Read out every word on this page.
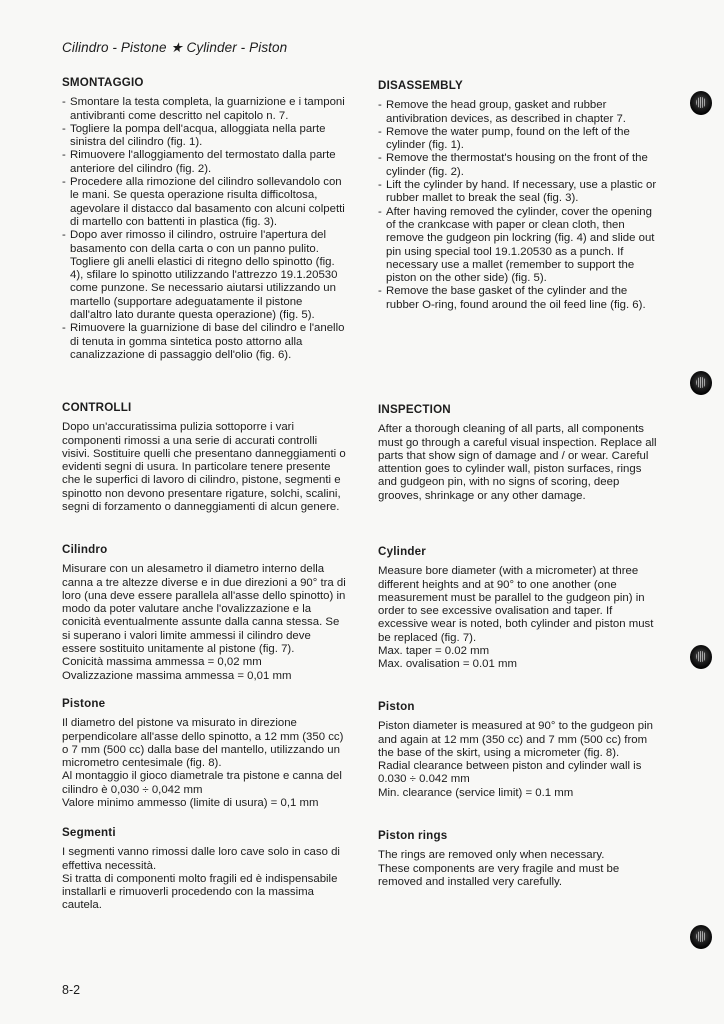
Cilindro - Pistone ★ Cylinder - Piston
SMONTAGGIO
- Smontare la testa completa, la guarnizione e i tamponi antivibranti come descritto nel capitolo n. 7.
- Togliere la pompa dell'acqua, alloggiata nella parte sinistra del cilindro (fig. 1).
- Rimuovere l'alloggiamento del termostato dalla parte anteriore del cilindro (fig. 2).
- Procedere alla rimozione del cilindro sollevandolo con le mani. Se questa operazione risulta difficoltosa, agevolare il distacco dal basamento con alcuni colpetti di martello con battenti in plastica (fig. 3).
- Dopo aver rimosso il cilindro, ostruire l'apertura del basamento con della carta o con un panno pulito. Togliere gli anelli elastici di ritegno dello spinotto (fig. 4), sfilare lo spinotto utilizzando l'attrezzo 19.1.20530 come punzone. Se necessario aiutarsi utilizzando un martello (supportare adeguatamente il pistone dall'altro lato durante questa operazione) (fig. 5).
- Rimuovere la guarnizione di base del cilindro e l'anello di tenuta in gomma sintetica posto attorno alla canalizzazione di passaggio dell'olio (fig. 6).
CONTROLLI

Dopo un'accuratissima pulizia sottoporre i vari componenti rimossi a una serie di accurati controlli visivi. Sostituire quelli che presentano danneggiamenti o evidenti segni di usura. In particolare tenere presente che le superfici di lavoro di cilindro, pistone, segmenti e spinotto non devono presentare rigature, solchi, scalini, segni di forzamento o danneggiamenti di alcun genere.

Cilindro

Misurare con un alesametro il diametro interno della canna a tre altezze diverse e in due direzioni a 90° tra di loro (una deve essere parallela all'asse dello spinotto) in modo da poter valutare anche l'ovalizzazione e la conicità eventualmente assunte dalla canna stessa. Se si superano i valori limite ammessi il cilindro deve essere sostituito unitamente al pistone (fig. 7).

Conicità massima ammessa = 0,02 mm

Ovalizzazione massima ammessa = 0,01 mm

Pistone

Il diametro del pistone va misurato in direzione perpendicolare all'asse dello spinotto, a 12 mm (350 cc) o 7 mm (500 cc) dalla base del mantello, utilizzando un micrometro centesimale (fig. 8).

Al montaggio il gioco diametrale tra pistone e canna del cilindro è 0,030 ÷ 0,042 mm

Valore minimo ammesso (limite di usura) = 0,1 mm

Segmenti

I segmenti vanno rimossi dalle loro cave solo in caso di effettiva necessità.

Si tratta di componenti molto fragili ed è indispensabile installarli e rimuoverli procedendo con la massima cautela.

DISASSEMBLY
- Remove the head group, gasket and rubber antivibration devices, as described in chapter 7.
- Remove the water pump, found on the left of the cylinder (fig. 1).
- Remove the thermostat's housing on the front of the cylinder (fig. 2).
- Lift the cylinder by hand. If necessary, use a plastic or rubber mallet to break the seal (fig. 3).
- After having removed the cylinder, cover the opening of the crankcase with paper or clean cloth, then remove the gudgeon pin lockring (fig. 4) and slide out pin using special tool 19.1.20530 as a punch. If necessary use a mallet (remember to support the piston on the other side) (fig. 5).
- Remove the base gasket of the cylinder and the rubber O-ring, found around the oil feed line (fig. 6).
INSPECTION

After a thorough cleaning of all parts, all components must go through a careful visual inspection. Replace all parts that show sign of damage and / or wear. Careful attention goes to cylinder wall, piston surfaces, rings and gudgeon pin, with no signs of scoring, deep grooves, shrinkage or any other damage.

Cylinder

Measure bore diameter (with a micrometer) at three different heights and at 90° to one another (one measurement must be parallel to the gudgeon pin) in order to see excessive ovalisation and taper. If excessive wear is noted, both cylinder and piston must be replaced (fig. 7).

Max. taper = 0.02 mm

Max. ovalisation = 0.01 mm

Piston

Piston diameter is measured at 90° to the gudgeon pin and again at 12 mm (350 cc) and 7 mm (500 cc) from the base of the skirt, using a micrometer (fig. 8).

Radial clearance between piston and cylinder wall is 0.030 ÷ 0.042 mm

Min. clearance (service limit) = 0.1 mm

Piston rings

The rings are removed only when necessary.

These components are very fragile and must be removed and installed very carefully.

8-2
